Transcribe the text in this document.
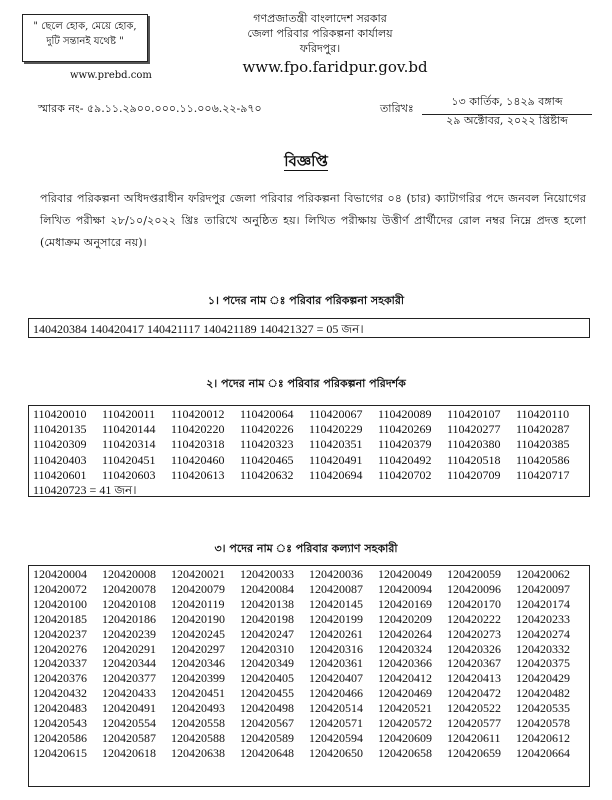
" ছেলে হোক, মেয়ে হোক,
দুটি সন্তানই যথেষ্ট "
www.prebd.com
গণপ্রজাতন্ত্রী বাংলাদেশ সরকার
জেলা পরিবার পরিকল্পনা কার্যালয়
ফরিদপুর।
www.fpo.faridpur.gov.bd
স্মারক নং- ৫৯.১১.২৯০০.০০০.১১.০০৬.২২-৯৭০	তারিখঃ
১৩ কার্তিক, ১৪২৯ বঙ্গাব্দ
২৯ অক্টোবর, ২০২২ খ্রিষ্টাব্দ
বিজ্ঞপ্তি
পরিবার পরিকল্পনা অধিদপ্তরাধীন ফরিদপুর জেলা পরিবার পরিকল্পনা বিভাগের ০৪ (চার) ক্যাটাগরির পদে জনবল নিয়োগের লিখিত পরীক্ষা ২৮/১০/২০২২ খ্রিঃ তারিখে অনুষ্ঠিত হয়। লিখিত পরীক্ষায় উত্তীর্ণ প্রার্থীদের রোল নম্বর নিম্নে প্রদত্ত হলো (মেধাক্রম অনুসারে নয়)।
১। পদের নাম ঃ পরিবার পরিকল্পনা সহকারী
140420384 140420417 140421117 140421189 140421327 = 05 জন।
২। পদের নাম ঃ পরিবার পরিকল্পনা পরিদর্শক
110420010	110420011	110420012	110420064	110420067	110420089	110420107	110420110
110420135	110420144	110420220	110420226	110420229	110420269	110420277	110420287
110420309	110420314	110420318	110420323	110420351	110420379	110420380	110420385
110420403	110420451	110420460	110420465	110420491	110420492	110420518	110420586
110420601	110420603	110420613	110420632	110420694	110420702	110420709	110420717
110420723 = 41 জন।
৩। পদের নাম ঃ পরিবার কল্যাণ সহকারী
120420004	120420008	120420021	120420033	120420036	120420049	120420059	120420062
120420072	120420078	120420079	120420084	120420087	120420094	120420096	120420097
120420100	120420108	120420119	120420138	120420145	120420169	120420170	120420174
120420185	120420186	120420190	120420198	120420199	120420209	120420222	120420233
120420237	120420239	120420245	120420247	120420261	120420264	120420273	120420274
120420276	120420291	120420297	120420310	120420316	120420324	120420326	120420332
120420337	120420344	120420346	120420349	120420361	120420366	120420367	120420375
120420376	120420377	120420399	120420405	120420407	120420412	120420413	120420429
120420432	120420433	120420451	120420455	120420466	120420469	120420472	120420482
120420483	120420491	120420493	120420498	120420514	120420521	120420522	120420535
120420543	120420554	120420558	120420567	120420571	120420572	120420577	120420578
120420586	120420587	120420588	120420589	120420594	120420609	120420611	120420612
120420615	120420618	120420638	120420648	120420650	120420658	120420659	120420664
